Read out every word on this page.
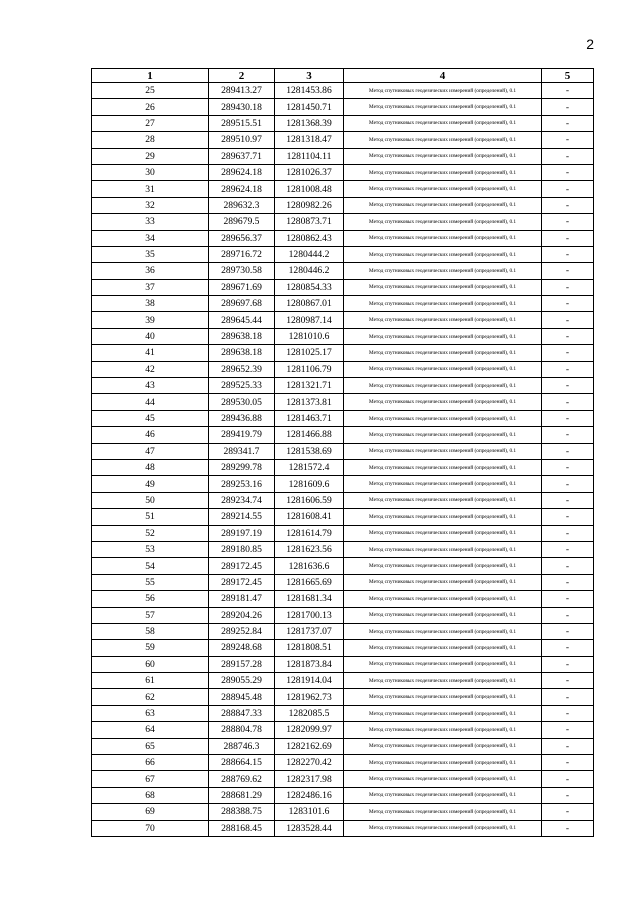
2
1	2	3	4	5
25	289413.27	1281453.86	Метод спутниковых геодезических измерений (определений), 0.1	-
26	289430.18	1281450.71	Метод спутниковых геодезических измерений (определений), 0.1	-
27	289515.51	1281368.39	Метод спутниковых геодезических измерений (определений), 0.1	-
28	289510.97	1281318.47	Метод спутниковых геодезических измерений (определений), 0.1	-
29	289637.71	1281104.11	Метод спутниковых геодезических измерений (определений), 0.1	-
30	289624.18	1281026.37	Метод спутниковых геодезических измерений (определений), 0.1	-
31	289624.18	1281008.48	Метод спутниковых геодезических измерений (определений), 0.1	-
32	289632.3	1280982.26	Метод спутниковых геодезических измерений (определений), 0.1	-
33	289679.5	1280873.71	Метод спутниковых геодезических измерений (определений), 0.1	-
34	289656.37	1280862.43	Метод спутниковых геодезических измерений (определений), 0.1	-
35	289716.72	1280444.2	Метод спутниковых геодезических измерений (определений), 0.1	-
36	289730.58	1280446.2	Метод спутниковых геодезических измерений (определений), 0.1	-
37	289671.69	1280854.33	Метод спутниковых геодезических измерений (определений), 0.1	-
38	289697.68	1280867.01	Метод спутниковых геодезических измерений (определений), 0.1	-
39	289645.44	1280987.14	Метод спутниковых геодезических измерений (определений), 0.1	-
40	289638.18	1281010.6	Метод спутниковых геодезических измерений (определений), 0.1	-
41	289638.18	1281025.17	Метод спутниковых геодезических измерений (определений), 0.1	-
42	289652.39	1281106.79	Метод спутниковых геодезических измерений (определений), 0.1	-
43	289525.33	1281321.71	Метод спутниковых геодезических измерений (определений), 0.1	-
44	289530.05	1281373.81	Метод спутниковых геодезических измерений (определений), 0.1	-
45	289436.88	1281463.71	Метод спутниковых геодезических измерений (определений), 0.1	-
46	289419.79	1281466.88	Метод спутниковых геодезических измерений (определений), 0.1	-
47	289341.7	1281538.69	Метод спутниковых геодезических измерений (определений), 0.1	-
48	289299.78	1281572.4	Метод спутниковых геодезических измерений (определений), 0.1	-
49	289253.16	1281609.6	Метод спутниковых геодезических измерений (определений), 0.1	-
50	289234.74	1281606.59	Метод спутниковых геодезических измерений (определений), 0.1	-
51	289214.55	1281608.41	Метод спутниковых геодезических измерений (определений), 0.1	-
52	289197.19	1281614.79	Метод спутниковых геодезических измерений (определений), 0.1	-
53	289180.85	1281623.56	Метод спутниковых геодезических измерений (определений), 0.1	-
54	289172.45	1281636.6	Метод спутниковых геодезических измерений (определений), 0.1	-
55	289172.45	1281665.69	Метод спутниковых геодезических измерений (определений), 0.1	-
56	289181.47	1281681.34	Метод спутниковых геодезических измерений (определений), 0.1	-
57	289204.26	1281700.13	Метод спутниковых геодезических измерений (определений), 0.1	-
58	289252.84	1281737.07	Метод спутниковых геодезических измерений (определений), 0.1	-
59	289248.68	1281808.51	Метод спутниковых геодезических измерений (определений), 0.1	-
60	289157.28	1281873.84	Метод спутниковых геодезических измерений (определений), 0.1	-
61	289055.29	1281914.04	Метод спутниковых геодезических измерений (определений), 0.1	-
62	288945.48	1281962.73	Метод спутниковых геодезических измерений (определений), 0.1	-
63	288847.33	1282085.5	Метод спутниковых геодезических измерений (определений), 0.1	-
64	288804.78	1282099.97	Метод спутниковых геодезических измерений (определений), 0.1	-
65	288746.3	1282162.69	Метод спутниковых геодезических измерений (определений), 0.1	-
66	288664.15	1282270.42	Метод спутниковых геодезических измерений (определений), 0.1	-
67	288769.62	1282317.98	Метод спутниковых геодезических измерений (определений), 0.1	-
68	288681.29	1282486.16	Метод спутниковых геодезических измерений (определений), 0.1	-
69	288388.75	1283101.6	Метод спутниковых геодезических измерений (определений), 0.1	-
70	288168.45	1283528.44	Метод спутниковых геодезических измерений (определений), 0.1	-
